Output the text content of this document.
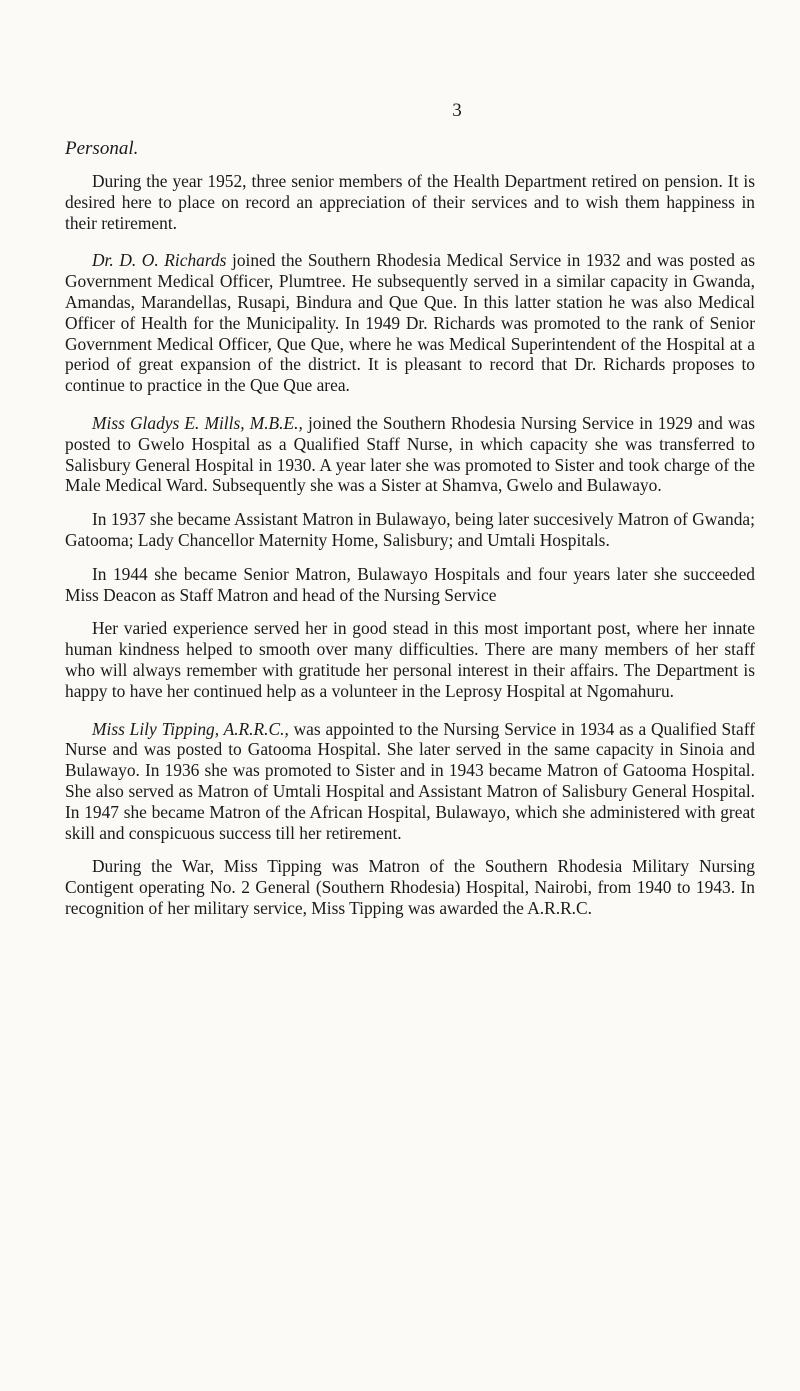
3
Personal.

During the year 1952, three senior members of the Health Department retired on pension. It is desired here to place on record an appreciation of their services and to wish them happiness in their retirement.

Dr. D. O. Richards joined the Southern Rhodesia Medical Service in 1932 and was posted as Government Medical Officer, Plumtree. He subsequently served in a similar capacity in Gwanda, Amandas, Marandellas, Rusapi, Bindura and Que Que. In this latter station he was also Medical Officer of Health for the Municipality. In 1949 Dr. Richards was promoted to the rank of Senior Government Medical Officer, Que Que, where he was Medical Superintendent of the Hospital at a period of great expansion of the district. It is pleasant to record that Dr. Richards proposes to continue to practice in the Que Que area.

Miss Gladys E. Mills, M.B.E., joined the Southern Rhodesia Nursing Service in 1929 and was posted to Gwelo Hospital as a Qualified Staff Nurse, in which capacity she was transferred to Salisbury General Hospital in 1930. A year later she was promoted to Sister and took charge of the Male Medical Ward. Subsequently she was a Sister at Shamva, Gwelo and Bulawayo.

In 1937 she became Assistant Matron in Bulawayo, being later succesively Matron of Gwanda; Gatooma; Lady Chancellor Maternity Home, Salisbury; and Umtali Hospitals.

In 1944 she became Senior Matron, Bulawayo Hospitals and four years later she succeeded Miss Deacon as Staff Matron and head of the Nursing Service

Her varied experience served her in good stead in this most important post, where her innate human kindness helped to smooth over many difficulties. There are many members of her staff who will always remember with gratitude her personal interest in their affairs. The Department is happy to have her continued help as a volunteer in the Leprosy Hospital at Ngomahuru.

Miss Lily Tipping, A.R.R.C., was appointed to the Nursing Service in 1934 as a Qualified Staff Nurse and was posted to Gatooma Hospital. She later served in the same capacity in Sinoia and Bulawayo. In 1936 she was promoted to Sister and in 1943 became Matron of Gatooma Hospital. She also served as Matron of Umtali Hospital and Assistant Matron of Salisbury General Hospital. In 1947 she became Matron of the African Hospital, Bulawayo, which she administered with great skill and conspicuous success till her retirement.

During the War, Miss Tipping was Matron of the Southern Rhodesia Military Nursing Contigent operating No. 2 General (Southern Rhodesia) Hospital, Nairobi, from 1940 to 1943. In recognition of her military service, Miss Tipping was awarded the A.R.R.C.
